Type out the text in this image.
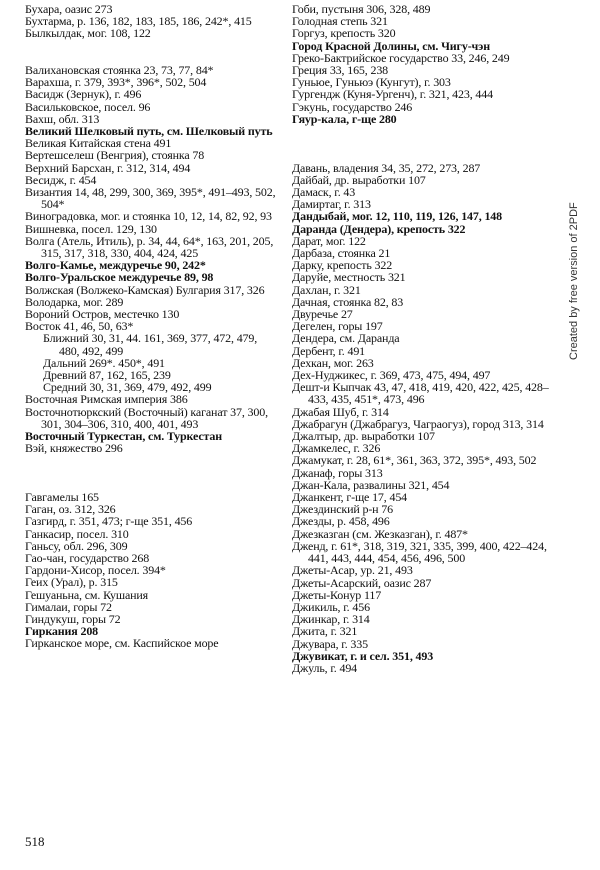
Бухара, оазис 273
Бухтарма, р. 136, 182, 183, 185, 186, 242*, 415
Былкылдак, мог. 108, 122
Валихановская стоянка 23, 73, 77, 84*
Варахша, г. 379, 393*, 396*, 502, 504
Васидж (Зернук), г. 496
Васильковское, посел. 96
Вахш, обл. 313
Великий Шелковый путь, см. Шелковый путь
Великая Китайская стена 491
Вертешселеш (Венгрия), стоянка 78
Верхний Барсхан, г. 312, 314, 494
Весидж, г. 454
Византия 14, 48, 299, 300, 369, 395*, 491–493, 502, 504*
Виноградовка, мог. и стоянка 10, 12, 14, 82, 92, 93
Вишневка, посел. 129, 130
Волга (Атель, Итиль), р. 34, 44, 64*, 163, 201, 205, 315, 317, 318, 330, 404, 424, 425
Волго-Камье, междуречье 90, 242*
Волго-Уральское междуречье 89, 98
Волжская (Волжеко-Камская) Булгария 317, 326
Володарка, мог. 289
Вороний Остров, местечко 130
Восток 41, 46, 50, 63*
Ближний 30, 31, 44. 161, 369, 377, 472, 479, 480, 492, 499
Дальний 269*. 450*, 491
Древний 87, 162, 165, 239
Средний 30, 31, 369, 479, 492, 499
Восточная Римская империя 386
Восточнотюркский (Восточный) каганат 37, 300, 301, 304–306, 310, 400, 401, 493
Восточный Туркестан, см. Туркестан
Вэй, княжество 296
Гавгамелы 165
Гаган, оз. 312, 326
Газгирд, г. 351, 473; г-ще 351, 456
Ганкасир, посел. 310
Ганьсу, обл. 296, 309
Гао-чан, государство 268
Гардони-Хисор, посел. 394*
Геих (Урал), р. 315
Гешуаньна, см. Кушания
Гималаи, горы 72
Гиндукуш, горы 72
Гиркания 208
Гирканское море, см. Каспийское море
Гоби, пустыня 306, 328, 489
Голодная степь 321
Горгуз, крепость 320
Город Красной Долины, см. Чигу-чэн
Греко-Бактрийское государство 33, 246, 249
Греция 33, 165, 238
Гуньюе, Гуньюэ (Кунгут), г. 303
Гургендж (Куня-Ургенч), г. 321, 423, 444
Гэкунь, государство 246
Гяур-кала, г-ще 280
Давань, владения 34, 35, 272, 273, 287
Дайбай, др. выработки 107
Дамаск, г. 43
Дамиртаг, г. 313
Дандыбай, мог. 12, 110, 119, 126, 147, 148
Даранда (Дендера), крепость 322
Дарат, мог. 122
Дарбаза, стоянка 21
Дарку, крепость 322
Даруйе, местность 321
Дахлан, г. 321
Дачная, стоянка 82, 83
Двуречье 27
Дегелен, горы 197
Дендера, см. Даранда
Дербент, г. 491
Дехкан, мог. 263
Дех-Нуджикес, г. 369, 473, 475, 494, 497
Дешт-и Кыпчак 43, 47, 418, 419, 420, 422, 425, 428–433, 435, 451*, 473, 496
Джабая Шуб, г. 314
Джабрагун (Джабрагуз, Чаграогуз), город 313, 314
Джалтыр, др. выработки 107
Джамкелес, г. 326
Джамукат, г. 28, 61*, 361, 363, 372, 395*, 493, 502
Джанаф, горы 313
Джан-Кала, развалины 321, 454
Джанкент, г-ще 17, 454
Джездинский р-н 76
Джезды, р. 458, 496
Джезказган (см. Жезказган), г. 487*
Дженд, г. 61*, 318, 319, 321, 335, 399, 400, 422–424, 441, 443, 444, 454, 456, 496, 500
Джеты-Асар, ур. 21, 493
Джеты-Асарский, оазис 287
Джеты-Конур 117
Джикиль, г. 456
Джинкар, г. 314
Джита, г. 321
Джувара, г. 335
Джувикат, г. и сел. 351, 493
Джуль, г. 494
518
Created by free version of 2PDF
